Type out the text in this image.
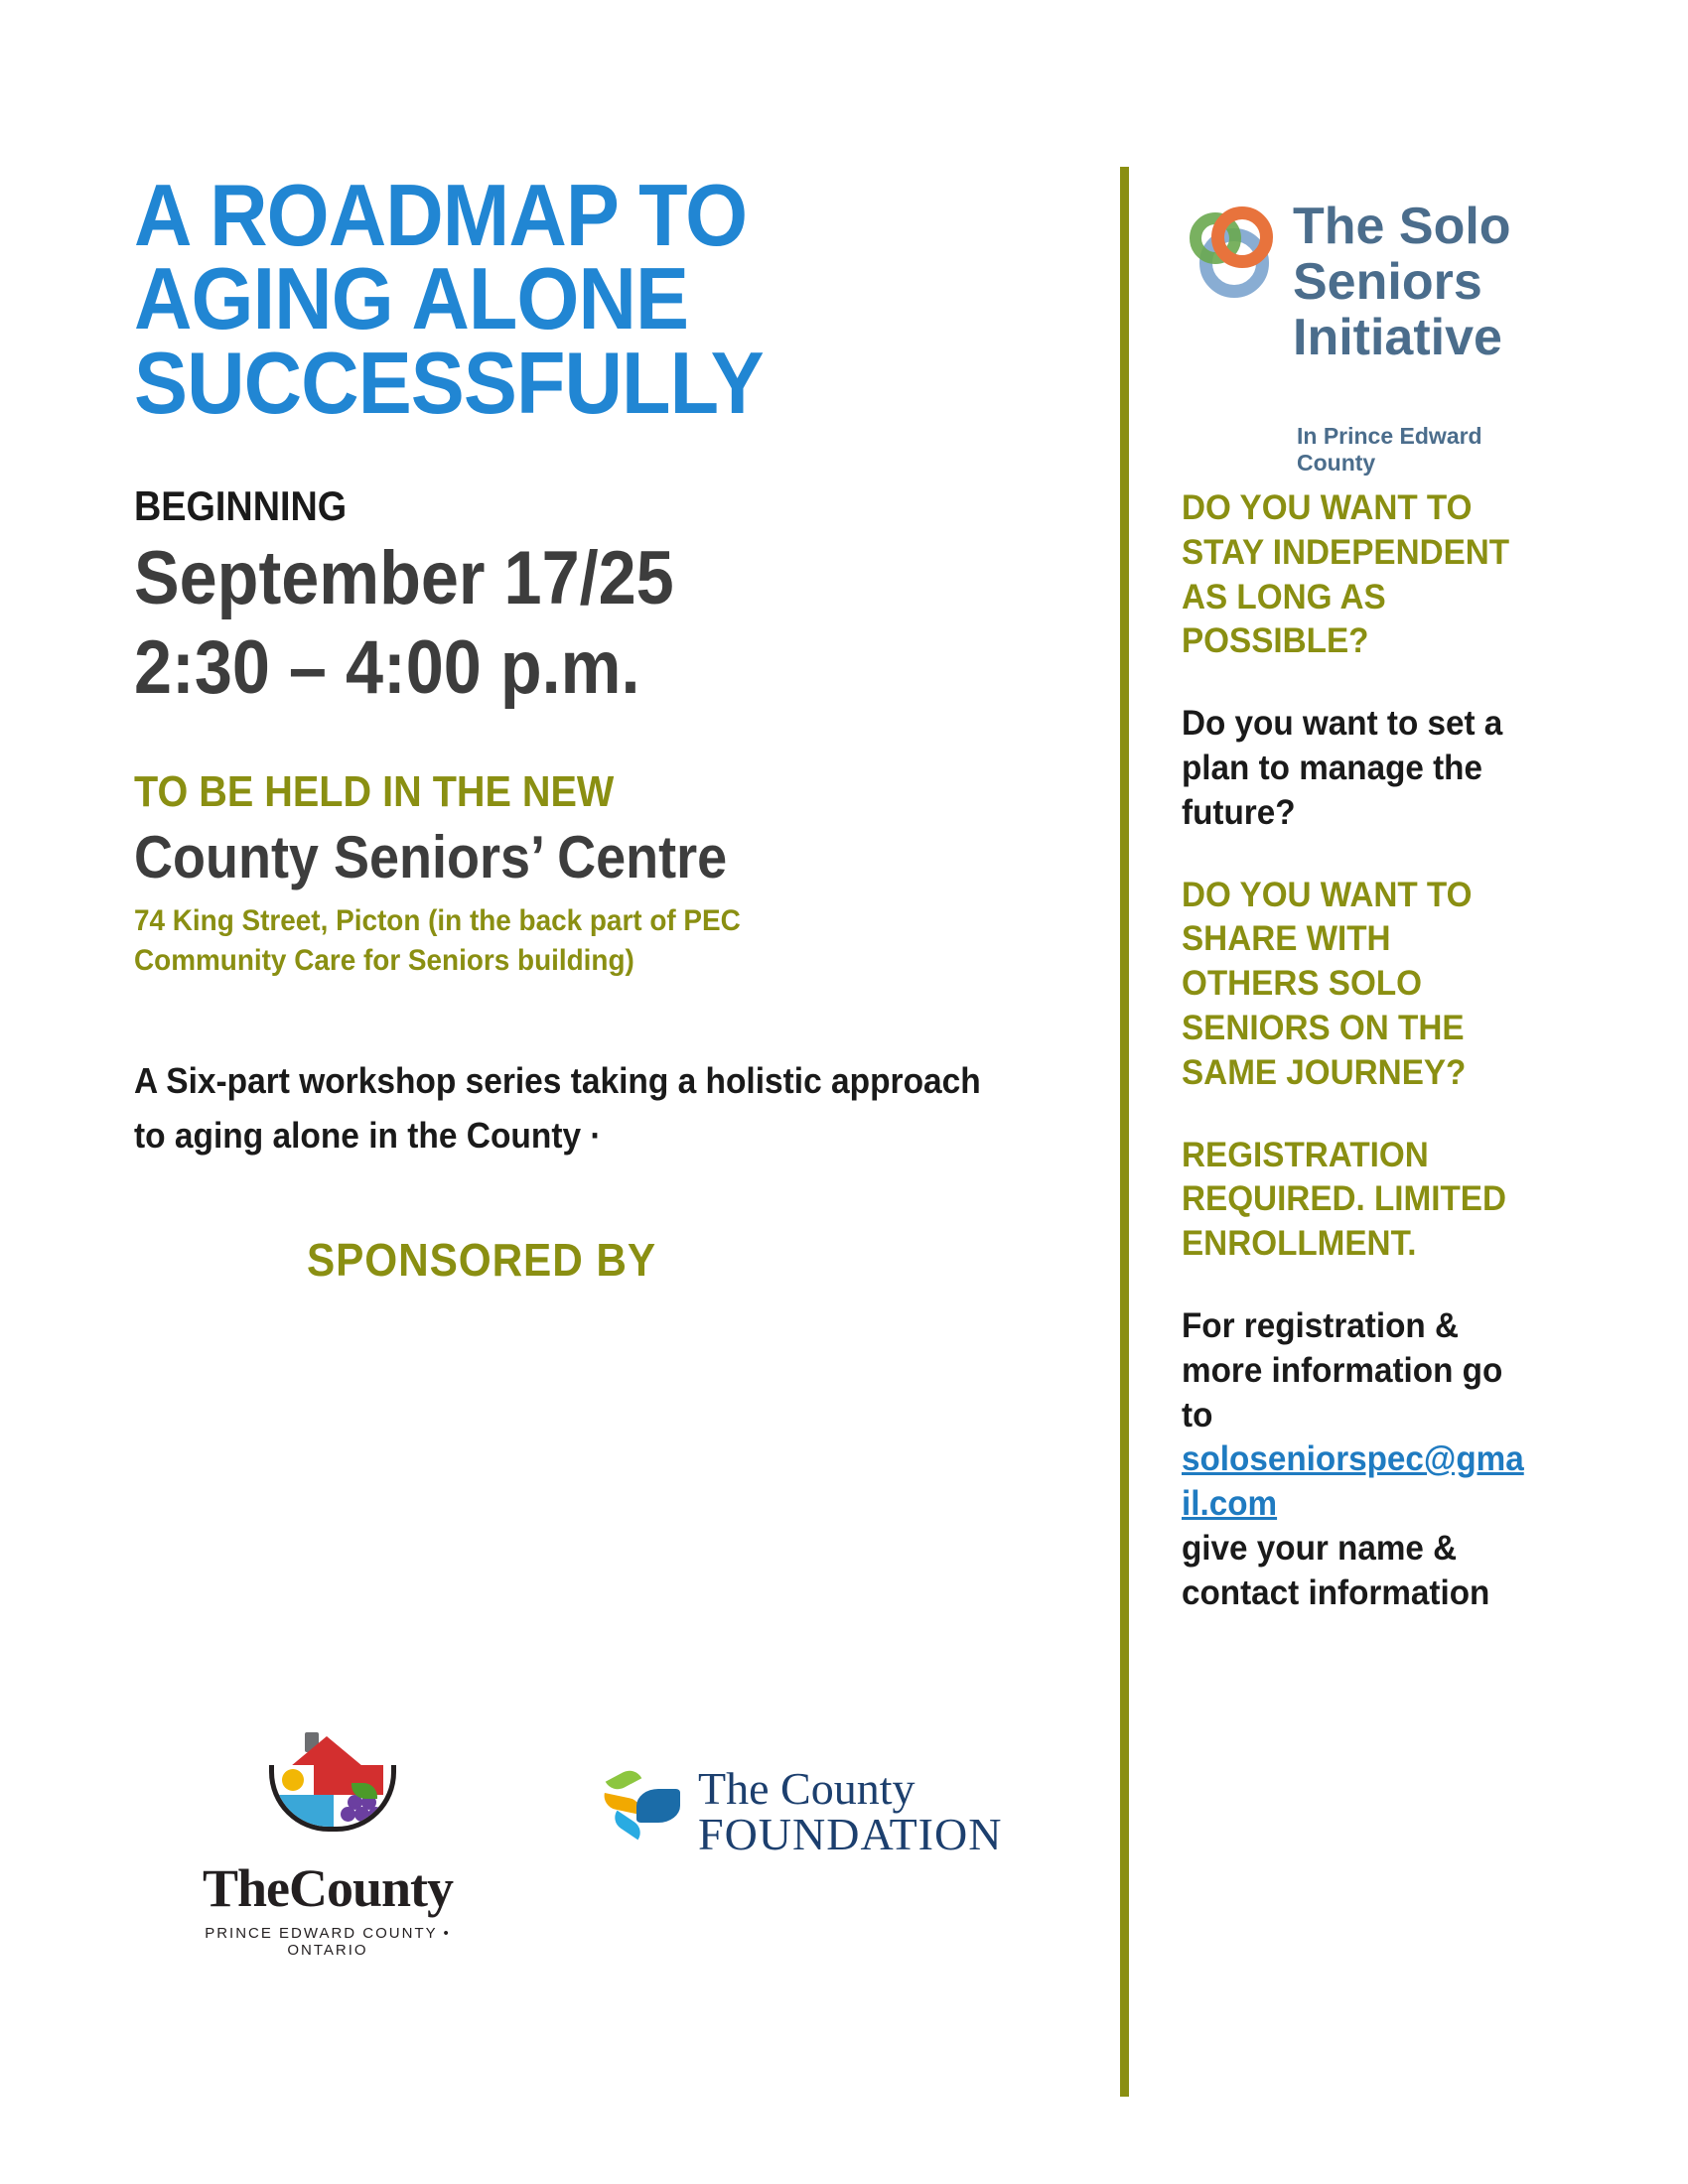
A ROADMAP TO
AGING ALONE
SUCCESSFULLY
BEGINNING
September 17/25
2:30 – 4:00 p.m.
TO BE HELD IN THE NEW
County Seniors’ Centre
74 King Street, Picton (in the back part of PEC Community Care for Seniors building)
A Six-part workshop series taking a holistic approach to aging alone in the County ·
SPONSORED BY
TheCounty
PRINCE EDWARD COUNTY • ONTARIO
The County
FOUNDATION
The Solo
Seniors
Initiative
In Prince Edward County
DO YOU WANT TO STAY INDEPENDENT AS LONG AS POSSIBLE?
Do you want to set a plan to manage the future?
DO YOU WANT TO SHARE WITH OTHERS SOLO SENIORS ON THE SAME JOURNEY?
REGISTRATION REQUIRED. LIMITED ENROLLMENT.
For registration & more information go to
soloseniorspec@gmail.com
give your name & contact information
